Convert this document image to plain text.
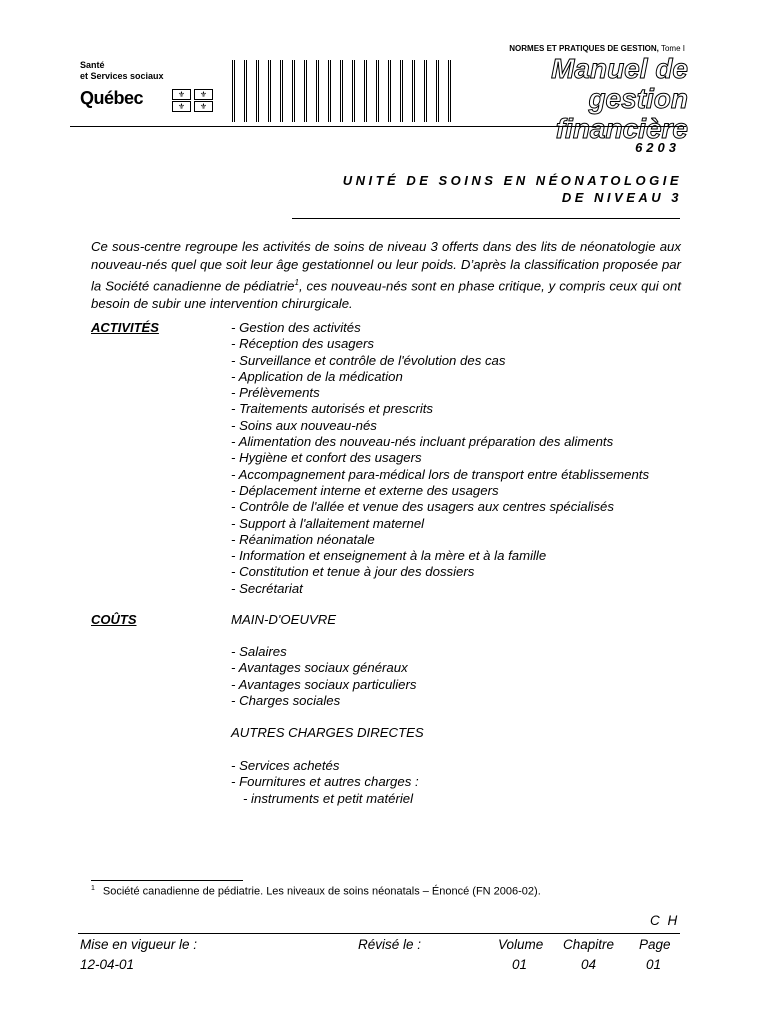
NORMES ET PRATIQUES DE GESTION, Tome I
Santé
et Services sociaux
Québec	⚜	⚜
⚜	⚜
Manuel de
gestion financière
6203
UNITÉ DE SOINS EN NÉONATOLOGIE
DE NIVEAU 3
Ce sous-centre regroupe les activités de soins de niveau 3 offerts dans des lits de néonatologie aux nouveau-nés quel que soit leur âge gestationnel ou leur poids. D’après la classification proposée par la Société canadienne de pédiatrie$^1$, ces nouveau-nés sont en phase critique, y compris ceux qui ont besoin de subir une intervention chirurgicale.
ACTIVITÉS
-	Gestion des activités
- Réception des usagers
- Surveillance et contrôle de l'évolution des cas
- Application de la médication
- Prélèvements
- Traitements autorisés et prescrits
- Soins aux nouveau-nés
- Alimentation des nouveau-nés incluant préparation des aliments
- Hygiène et confort des usagers
- Accompagnement para-médical lors de transport entre établissements
- Déplacement interne et externe des usagers
- Contrôle de l'allée et venue des usagers aux centres spécialisés
- Support à l'allaitement maternel
- Réanimation néonatale
- Information et enseignement à la mère et à la famille
- Constitution et tenue à jour des dossiers
- Secrétariat
COÛTS	MAIN-D'OEUVRE
- Salaires
- Avantages sociaux généraux
- Avantages sociaux particuliers
- Charges sociales
AUTRES CHARGES DIRECTES
- Services achetés
- Fournitures et autres charges :
- instruments et petit matériel
$^1$ Société canadienne de pédiatrie. Les niveaux de soins néonatals – Énoncé (FN 2006-02).
C H
Mise en vigueur le :
12-04-01
Révisé le :	Volume
01
Chapitre
04
Page
01
